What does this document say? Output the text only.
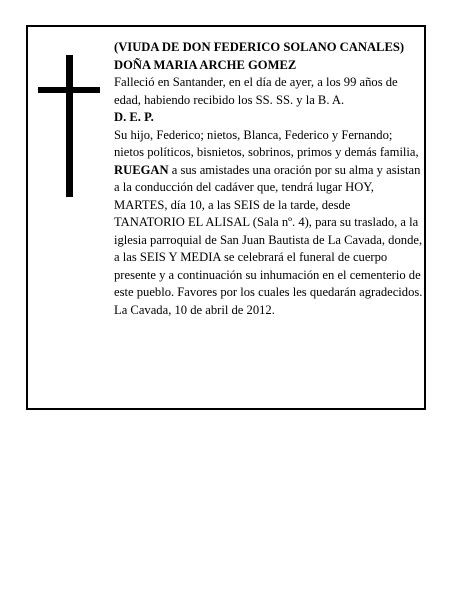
(VIUDA DE DON FEDERICO SOLANO CANALES)

DOÑA MARIA ARCHE GOMEZ

Falleció en Santander, en el día de ayer, a los 99 años de edad, habiendo recibido los SS. SS. y la B. A.

D. E. P.

Su hijo, Federico; nietos, Blanca, Federico y Fernando; nietos políticos, bisnietos, sobrinos, primos y demás familia,

RUEGAN a sus amistades una oración por su alma y asistan a la conducción del cadáver que, tendrá lugar HOY, MARTES, día 10, a las SEIS de la tarde, desde TANATORIO EL ALISAL (Sala nº. 4), para su traslado, a la iglesia parroquial de San Juan Bautista de La Cavada, donde, a las SEIS Y MEDIA se celebrará el funeral de cuerpo presente y a continuación su inhumación en el cementerio de este pueblo. Favores por los cuales les quedarán agradecidos.

La Cavada, 10 de abril de 2012.
